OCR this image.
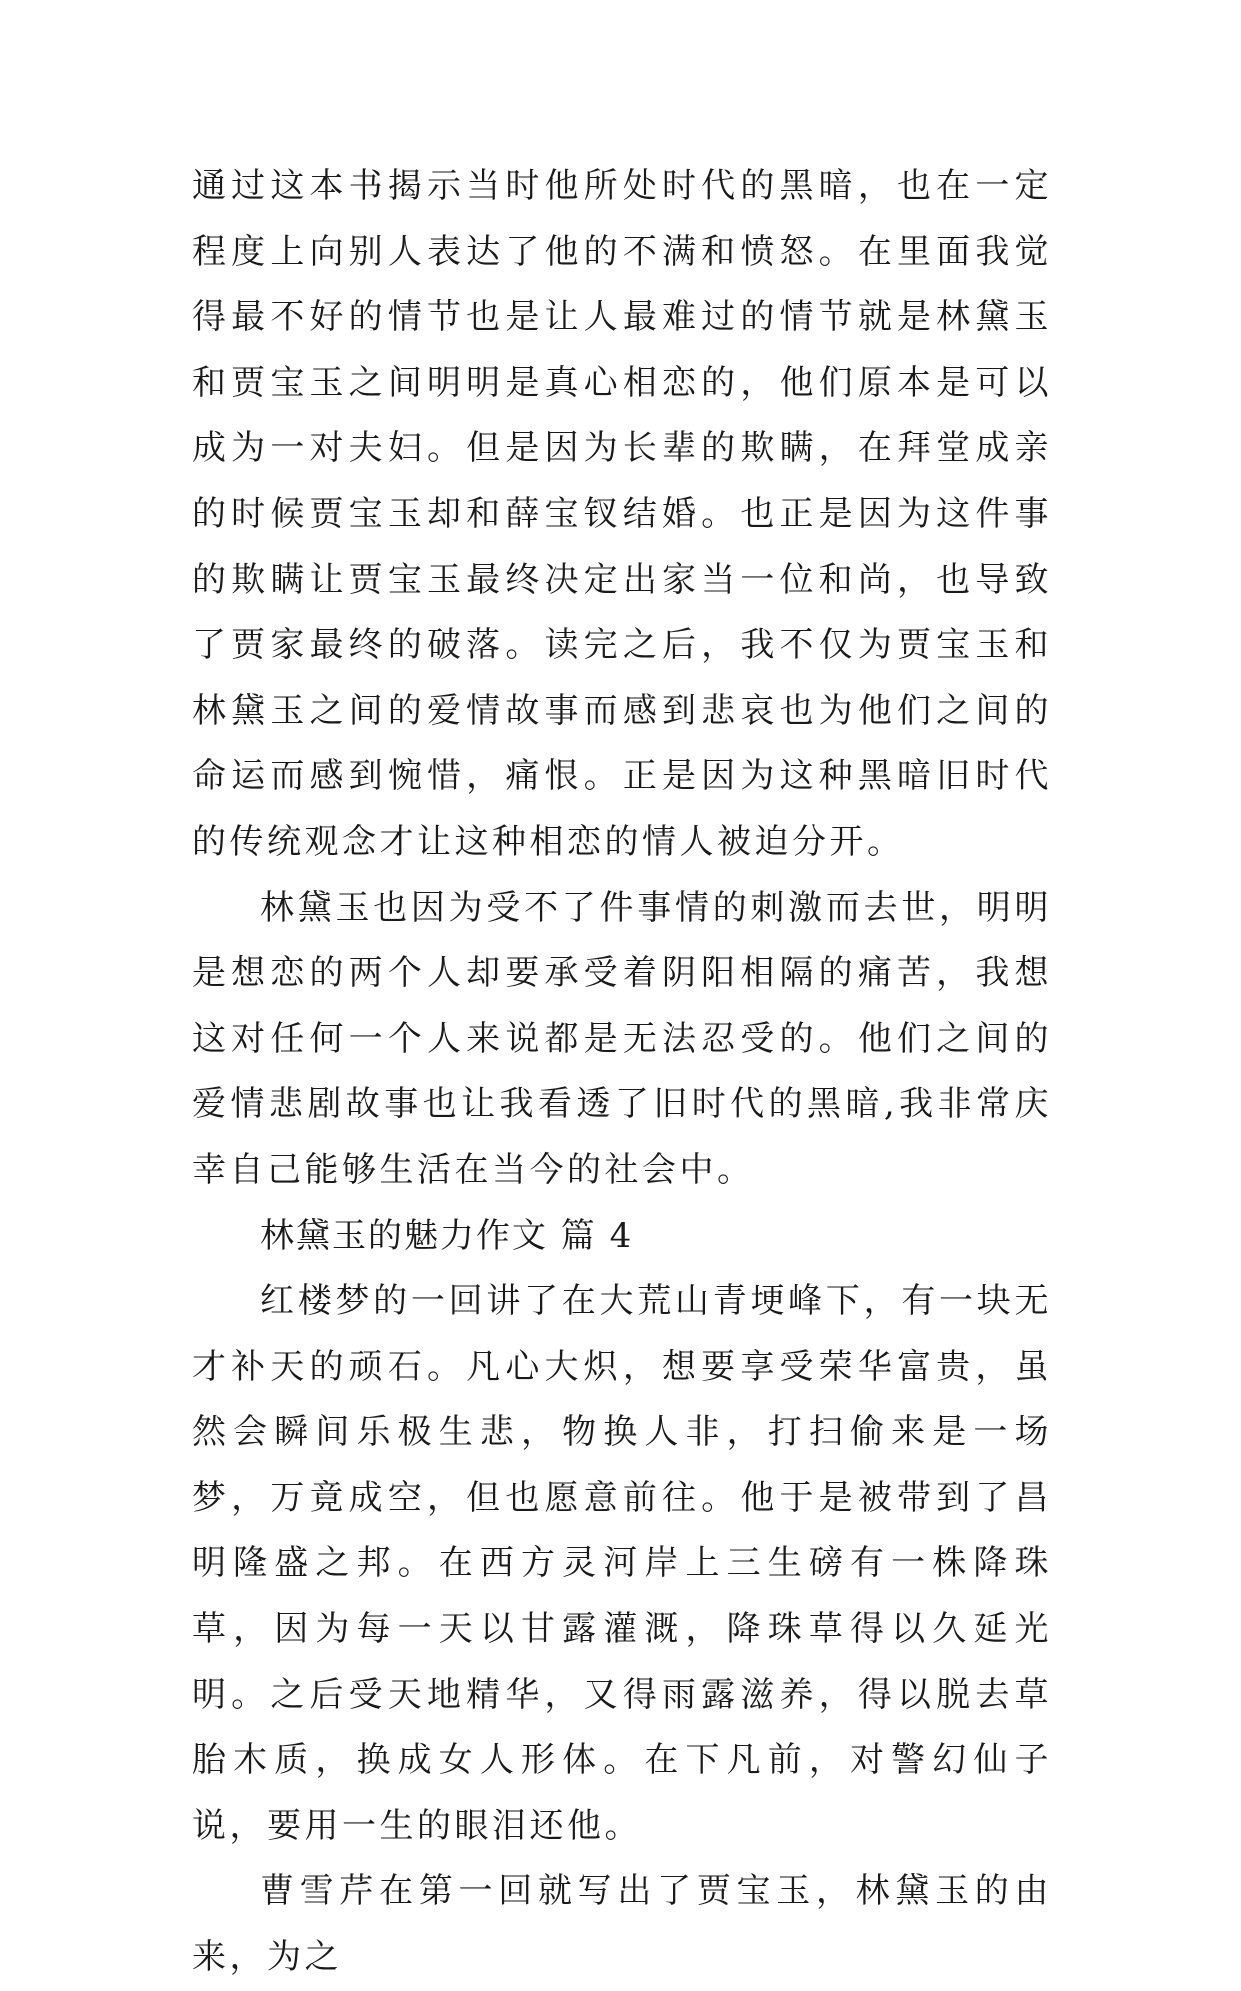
通过这本书揭示当时他所处时代的黑暗，也在一定程度上向别人表达了他的不满和愤怒。在里面我觉得最不好的情节也是让人最难过的情节就是林黛玉和贾宝玉之间明明是真心相恋的，他们原本是可以成为一对夫妇。但是因为长辈的欺瞒，在拜堂成亲的时候贾宝玉却和薛宝钗结婚。也正是因为这件事的欺瞒让贾宝玉最终决定出家当一位和尚，也导致了贾家最终的破落。读完之后，我不仅为贾宝玉和林黛玉之间的爱情故事而感到悲哀也为他们之间的命运而感到惋惜，痛恨。正是因为这种黑暗旧时代的传统观念才让这种相恋的情人被迫分开。

林黛玉也因为受不了件事情的刺激而去世，明明是想恋的两个人却要承受着阴阳相隔的痛苦，我想这对任何一个人来说都是无法忍受的。他们之间的爱情悲剧故事也让我看透了旧时代的黑暗,我非常庆幸自己能够生活在当今的社会中。

林黛玉的魅力作文 篇 4

红楼梦的一回讲了在大荒山青埂峰下，有一块无才补天的顽石。凡心大炽，想要享受荣华富贵，虽然会瞬间乐极生悲，物换人非，打扫偷来是一场梦，万竟成空，但也愿意前往。他于是被带到了昌明隆盛之邦。在西方灵河岸上三生磅有一株降珠草，因为每一天以甘露灌溉，降珠草得以久延光明。之后受天地精华，又得雨露滋养，得以脱去草胎木质，换成女人形体。在下凡前，对警幻仙子说，要用一生的眼泪还他。

曹雪芹在第一回就写出了贾宝玉，林黛玉的由来，为之
